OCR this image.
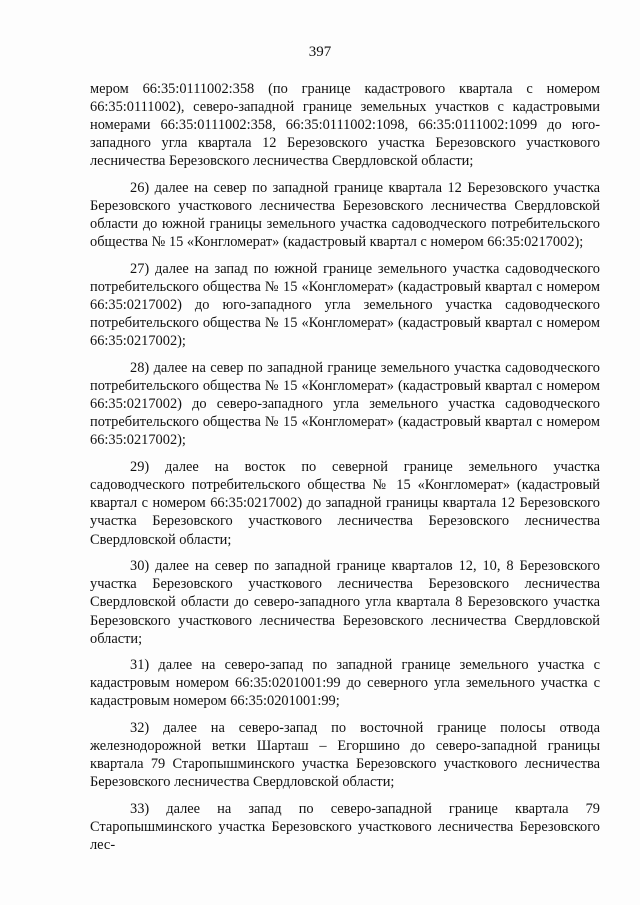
397

мером 66:35:0111002:358 (по границе кадастрового квартала с номером 66:35:0111002), северо-западной границе земельных участков с кадастровыми номерами 66:35:0111002:358, 66:35:0111002:1098, 66:35:0111002:1099 до юго-западного угла квартала 12 Березовского участка Березовского участкового лесничества Березовского лесничества Свердловской области;

26) далее на север по западной границе квартала 12 Березовского участка Березовского участкового лесничества Березовского лесничества Свердловской области до южной границы земельного участка садоводческого потребительского общества № 15 «Конгломерат» (кадастровый квартал с номером 66:35:0217002);

27) далее на запад по южной границе земельного участка садоводческого потребительского общества № 15 «Конгломерат» (кадастровый квартал с номером 66:35:0217002) до юго-западного угла земельного участка садоводческого потребительского общества № 15 «Конгломерат» (кадастровый квартал с номером 66:35:0217002);

28) далее на север по западной границе земельного участка садоводческого потребительского общества № 15 «Конгломерат» (кадастровый квартал с номером 66:35:0217002) до северо-западного угла земельного участка садоводческого потребительского общества № 15 «Конгломерат» (кадастровый квартал с номером 66:35:0217002);

29) далее на восток по северной границе земельного участка садоводческого потребительского общества № 15 «Конгломерат» (кадастровый квартал с номером 66:35:0217002) до западной границы квартала 12 Березовского участка Березовского участкового лесничества Березовского лесничества Свердловской области;

30) далее на север по западной границе кварталов 12, 10, 8 Березовского участка Березовского участкового лесничества Березовского лесничества Свердловской области до северо-западного угла квартала 8 Березовского участка Березовского участкового лесничества Березовского лесничества Свердловской области;

31) далее на северо-запад по западной границе земельного участка с кадастровым номером 66:35:0201001:99 до северного угла земельного участка с кадастровым номером 66:35:0201001:99;

32) далее на северо-запад по восточной границе полосы отвода железнодорожной ветки Шарташ – Егоршино до северо-западной границы квартала 79 Старопышминского участка Березовского участкового лесничества Березовского лесничества Свердловской области;

33) далее на запад по северо-западной границе квартала 79 Старопышминского участка Березовского участкового лесничества Березовского лес-
